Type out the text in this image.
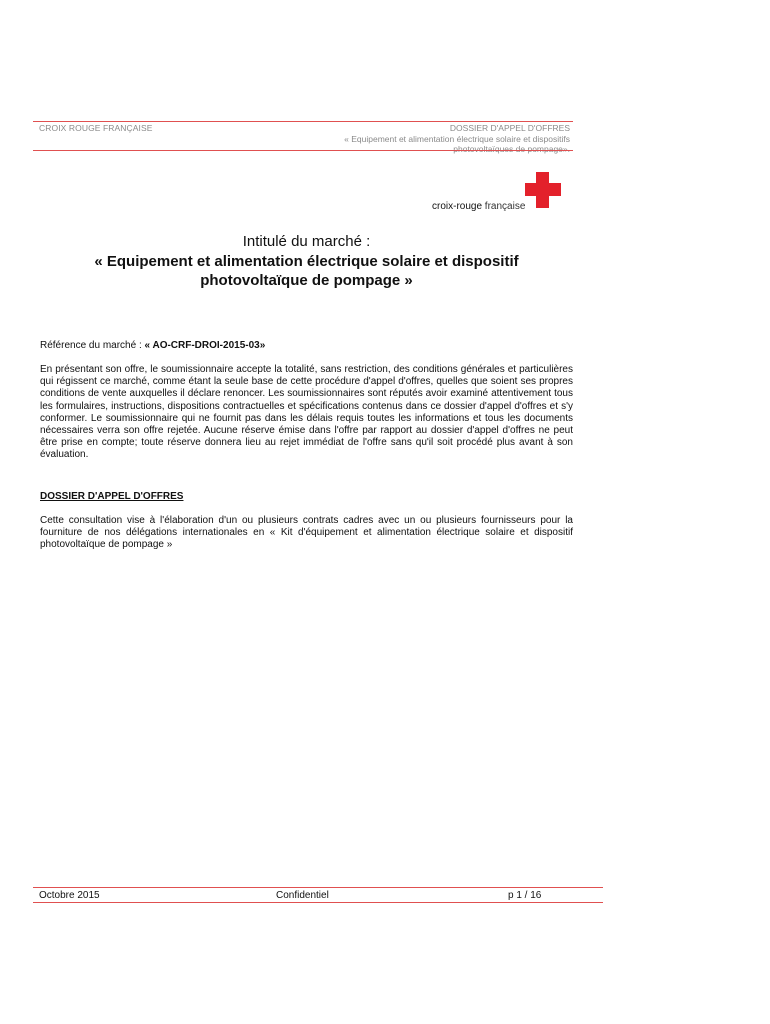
CROIX ROUGE FRANÇAISE	DOSSIER D'APPEL D'OFFRES
« Equipement et alimentation électrique solaire et dispositifs
photovoltaïques de pompage».
croix-rouge française
Intitulé du marché :
« Equipement et alimentation électrique solaire et dispositif
photovoltaïque de pompage »
Référence du marché : « AO-CRF-DROI-2015-03»
En présentant son offre, le soumissionnaire accepte la totalité, sans restriction, des conditions générales et particulières qui régissent ce marché, comme étant la seule base de cette procédure d'appel d'offres, quelles que soient ses propres conditions de vente auxquelles il déclare renoncer. Les soumissionnaires sont réputés avoir examiné attentivement tous les formulaires, instructions, dispositions contractuelles et spécifications contenus dans ce dossier d'appel d'offres et s'y conformer. Le soumissionnaire qui ne fournit pas dans les délais requis toutes les informations et tous les documents nécessaires verra son offre rejetée. Aucune réserve émise dans l'offre par rapport au dossier d'appel d'offres ne peut être prise en compte; toute réserve donnera lieu au rejet immédiat de l'offre sans qu'il soit procédé plus avant à son évaluation.
DOSSIER D'APPEL D'OFFRES
Cette consultation vise à l'élaboration d'un ou plusieurs contrats cadres avec un ou plusieurs fournisseurs pour la fourniture de nos délégations internationales en « Kit d'équipement et alimentation électrique solaire et dispositif photovoltaïque de pompage »
Octobre 2015	Confidentiel	p 1 / 16
